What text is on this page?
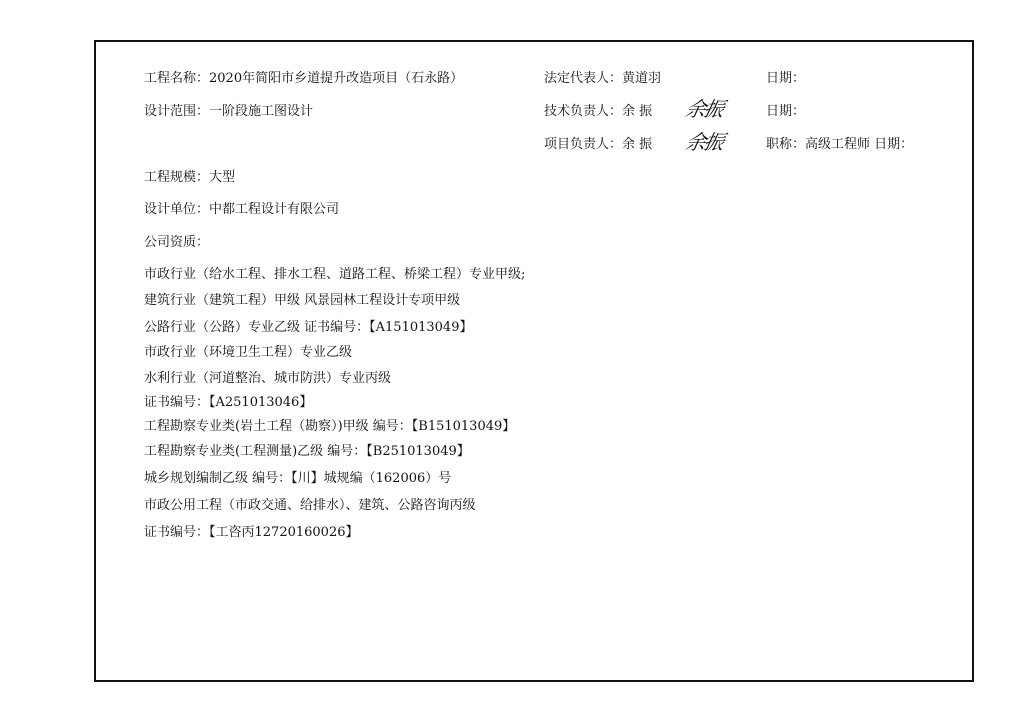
工程名称：2020年简阳市乡道提升改造项目（石永路）
设计范围：一阶段施工图设计
法定代表人：黄道羽
技术负责人：余 振
项目负责人：余 振
余振
余振
日期：
日期：
职称：高级工程师 日期：
工程规模：大型
设计单位：中都工程设计有限公司
公司资质：
市政行业（给水工程、排水工程、道路工程、桥梁工程）专业甲级;
建筑行业（建筑工程）甲级 风景园林工程设计专项甲级
公路行业（公路）专业乙级 证书编号：【A151013049】
市政行业（环境卫生工程）专业乙级
水利行业（河道整治、城市防洪）专业丙级
证书编号：【A251013046】
工程勘察专业类(岩土工程（勘察）)甲级 编号：【B151013049】
工程勘察专业类(工程测量)乙级 编号：【B251013049】
城乡规划编制乙级 编号：【川】城规编（162006）号
市政公用工程（市政交通、给排水）、建筑、公路咨询丙级
证书编号：【工咨丙12720160026】
